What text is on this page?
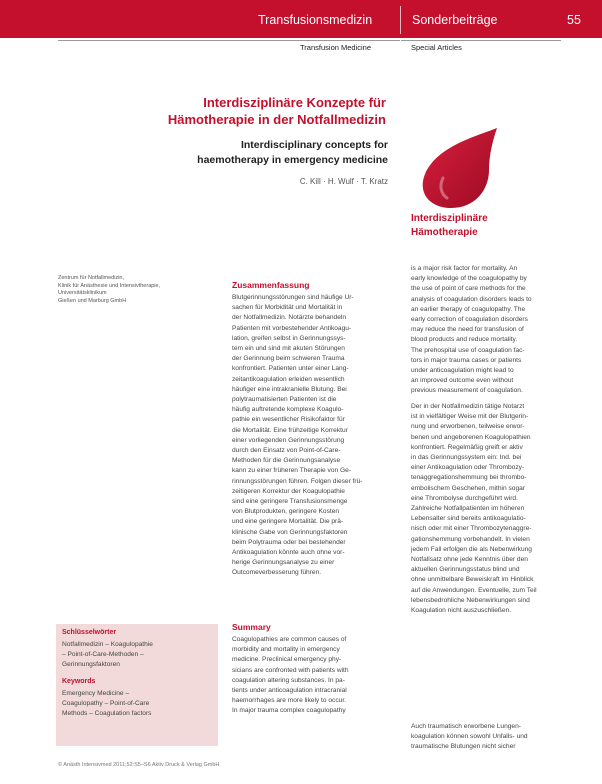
Transfusionsmedizin	Sonderbeiträge	55
Transfusion Medicine	Special Articles
Interdisziplinäre Konzepte für
Hämotherapie in der Notfallmedizin
Interdisciplinary concepts for
haemotherapy in emergency medicine
C. Kill · H. Wulf · T. Kratz
Interdisziplinäre
Hämotherapie
Zentrum für Notfallmedizin,
Klinik für Anästhesie und Intensivtherapie,
Universitätsklinikum
Gießen und Marburg GmbH
Zusammenfassung
Blutgerinnungsstörungen sind häufige Ur-
sachen für Morbidität und Mortalität in
der Notfallmedizin. Notärzte behandeln
Patienten mit vorbestehender Antikoagu-
lation, greifen selbst in Gerinnungssys-
tem ein und sind mit akuten Störungen
der Gerinnung beim schweren Trauma
konfrontiert. Patienten unter einer Lang-
zeitantikoagulation erleiden wesentlich
häufiger eine intrakranielle Blutung. Bei
polytraumatisierten Patienten ist die
häufig auftretende komplexe Koagulo-
pathie ein wesentlicher Risikofaktor für
die Mortalität. Eine frühzeitige Korrektur
einer vorliegenden Gerinnungsstörung
durch den Einsatz von Point-of-Care-
Methoden für die Gerinnungsanalyse
kann zu einer früheren Therapie von Ge-
rinnungsstörungen führen. Folgen dieser frü-
zeitigeren Korrektur der Koagulopathie
sind eine geringere Transfusionsmenge
von Blutprodukten, geringere Kosten
und eine geringere Mortalität. Die prä-
klinische Gabe von Gerinnungsfaktoren
beim Polytrauma oder bei bestehender
Antikoagulation könnte auch ohne vor-
herige Gerinnungsanalyse zu einer
Outcomeverbesserung führen.
Summary
Coagulopathies are common causes of
morbidity and mortality in emergency
medicine. Preclinical emergency phy-
sicians are confronted with patients with
coagulation altering substances. In pa-
tients under anticoagulation intracranial
haemorrhages are more likely to occur.
In major trauma complex coagulopathy
is a major risk factor for mortality. An
early knowledge of the coagulopathy by
the use of point of care methods for the
analysis of coagulation disorders leads to
an earlier therapy of coagulopathy. The
early correction of coagulation disorders
may reduce the need for transfusion of
blood products and reduce mortality.
The prehospital use of coagulation fac-
tors in major trauma cases or patients
under anticoagulation might lead to
an improved outcome even without
previous measurement of coagulation.
Der in der Notfallmedizin tätige Notarzt
ist in vielfältiger Weise mit der Blutgerin-
nung und erworbenen, teilweise erwor-
benen und angeborenen Koagulopathien
konfrontiert. Regelmäßig greift er aktiv
in das Gerinnungssystem ein: Ind. bei
einer Antikoagulation oder Thrombozy-
tenaggregationshemmung bei thrombo-
embolischem Geschehen, mithin sogar
eine Thrombolyse durchgeführt wird.
Zahlreiche Notfallpatienten im höheren
Lebensalter sind bereits antikoagulatio-
nisch oder mit einer Thrombozytenaggre-
gationshemmung vorbehandelt. In vielen
jedem Fall erfolgen die als Nebenwirkung
Notfallsatz ohne jede Kenntnis über den
aktuellen Gerinnungsstatus blind und
ohne unmittelbare Beweiskraft im Hinblick
auf die Anwendungen. Eventuelle, zum Teil
lebensbedrohliche Nebenwirkungen sind
Koagulation nicht auszuschließen.
Auch traumatisch erworbene Lungen-
koagulation können sowohl Unfalls- und
traumatische Blutungen nicht sicher
Schlüsselwörter
Notfallmedizin – Koagulopathie
– Point-of-Care-Methoden –
Gerinnungsfaktoren
Keywords
Emergency Medicine –
Coagulopathy – Point-of-Care
Methods – Coagulation factors
© Anästh Intensivmed 2011;52:S5–S6 Aktiv Druck & Verlag GmbH
